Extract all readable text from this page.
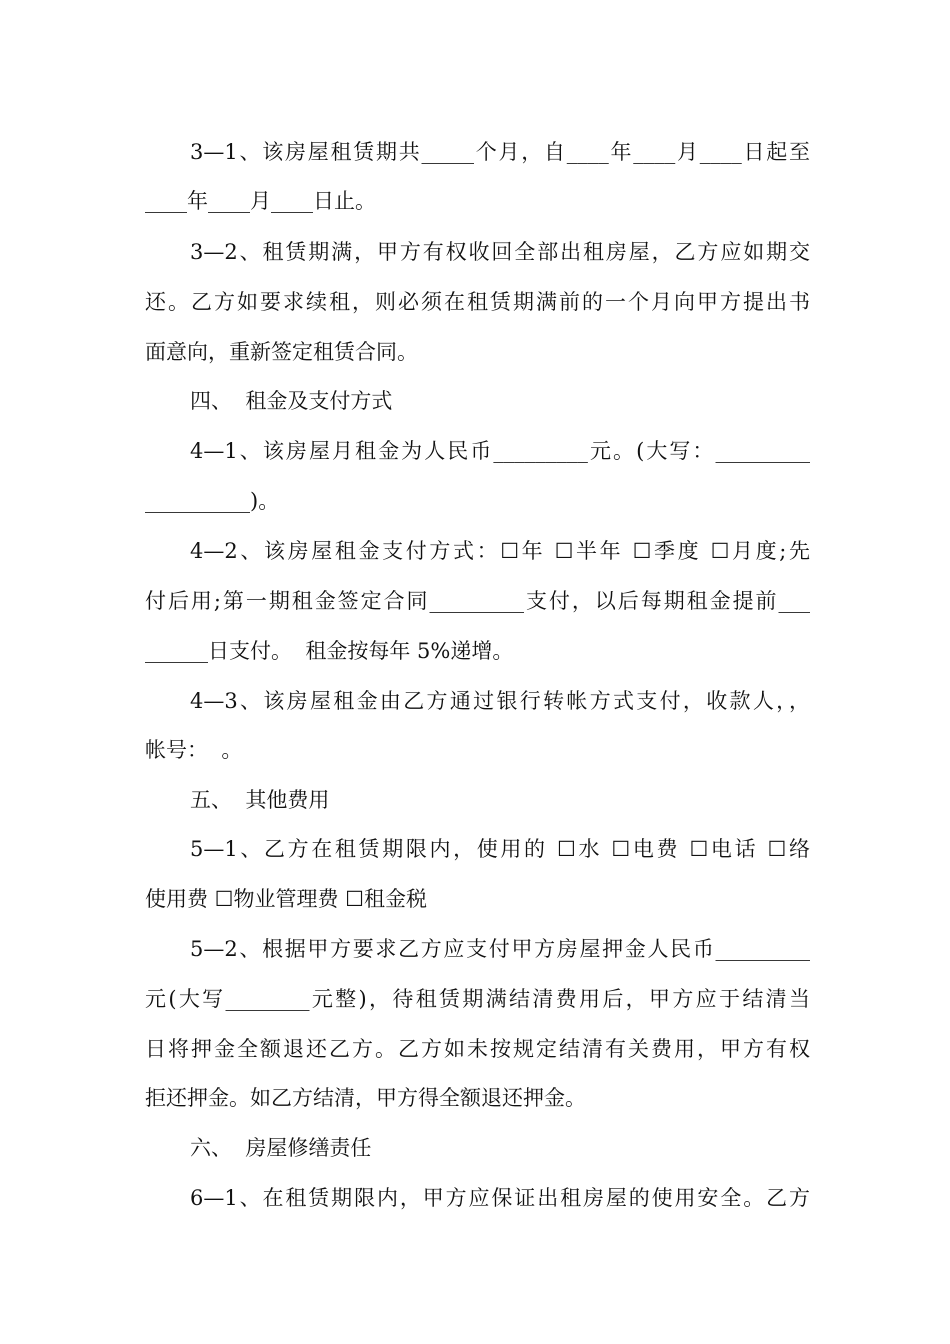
3—1、该房屋租赁期共_____个月，自____年____月____日起至
____年____月____日止。
3—2、租赁期满，甲方有权收回全部出租房屋，乙方应如期交
还。乙方如要求续租，则必须在租赁期满前的一个月向甲方提出书
面意向，重新签定租赁合同。
四、  租金及支付方式
4—1、该房屋月租金为人民币_________元。(大写：_________
__________)。
4—2、该房屋租金支付方式：☐年 ☐半年 ☐季度 ☐月度;先
付后用;第一期租金签定合同_________支付，以后每期租金提前___
______日支付。  租金按每年 5%递增。
4—3、该房屋租金由乙方通过银行转帐方式支付，收款人，，
帐号：  。
五、  其他费用
5—1、乙方在租赁期限内，使用的 ☐水 ☐电费 ☐电话 ☐络
使用费 ☐物业管理费 ☐租金税
5—2、根据甲方要求乙方应支付甲方房屋押金人民币_________
元(大写________元整)，待租赁期满结清费用后，甲方应于结清当
日将押金全额退还乙方。乙方如未按规定结清有关费用，甲方有权
拒还押金。如乙方结清，甲方得全额退还押金。
六、  房屋修缮责任
6—1、在租赁期限内，甲方应保证出租房屋的使用安全。乙方
